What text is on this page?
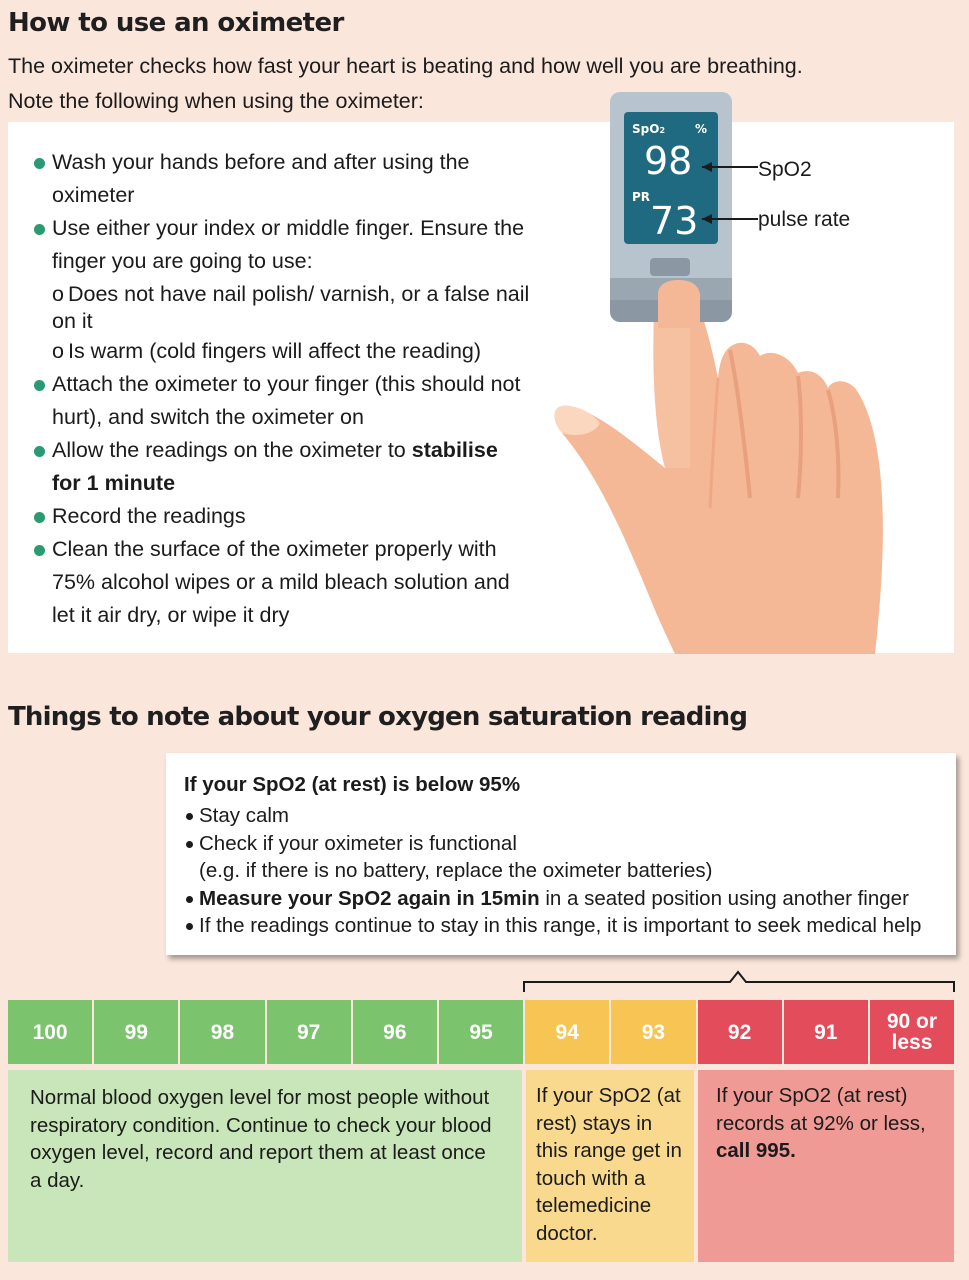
How to use an oximeter
The oximeter checks how fast your heart is beating and how well you are breathing.
Note the following when using the oximeter:
Wash your hands before and after using the oximeter
Use either your index or middle finger. Ensure the finger you are going to use:
o Does not have nail polish/ varnish, or a false nail on it
o Is warm (cold fingers will affect the reading)
Attach the oximeter to your finger (this should not hurt), and switch the oximeter on
Allow the readings on the oximeter to stabilise for 1 minute
Record the readings
Clean the surface of the oximeter properly with 75% alcohol wipes or a mild bleach solution and let it air dry, or wipe it dry
SpO2 %
98
PR
73
SpO2
pulse rate
Things to note about your oxygen saturation reading
If your SpO2 (at rest) is below 95%
Stay calm
Check if your oximeter is functional
(e.g. if there is no battery, replace the oximeter batteries)
Measure your SpO2 again in 15min in a seated position using another finger
If the readings continue to stay in this range, it is important to seek medical help
100	99	98	97	96	95	94	93	92	91	90 or
less
Normal blood oxygen level for most people without respiratory condition. Continue to check your blood oxygen level, record and report them at least once a day.
If your SpO2 (at rest) stays in this range get in touch with a telemedicine doctor.
If your SpO2 (at rest) records at 92% or less, call 995.
